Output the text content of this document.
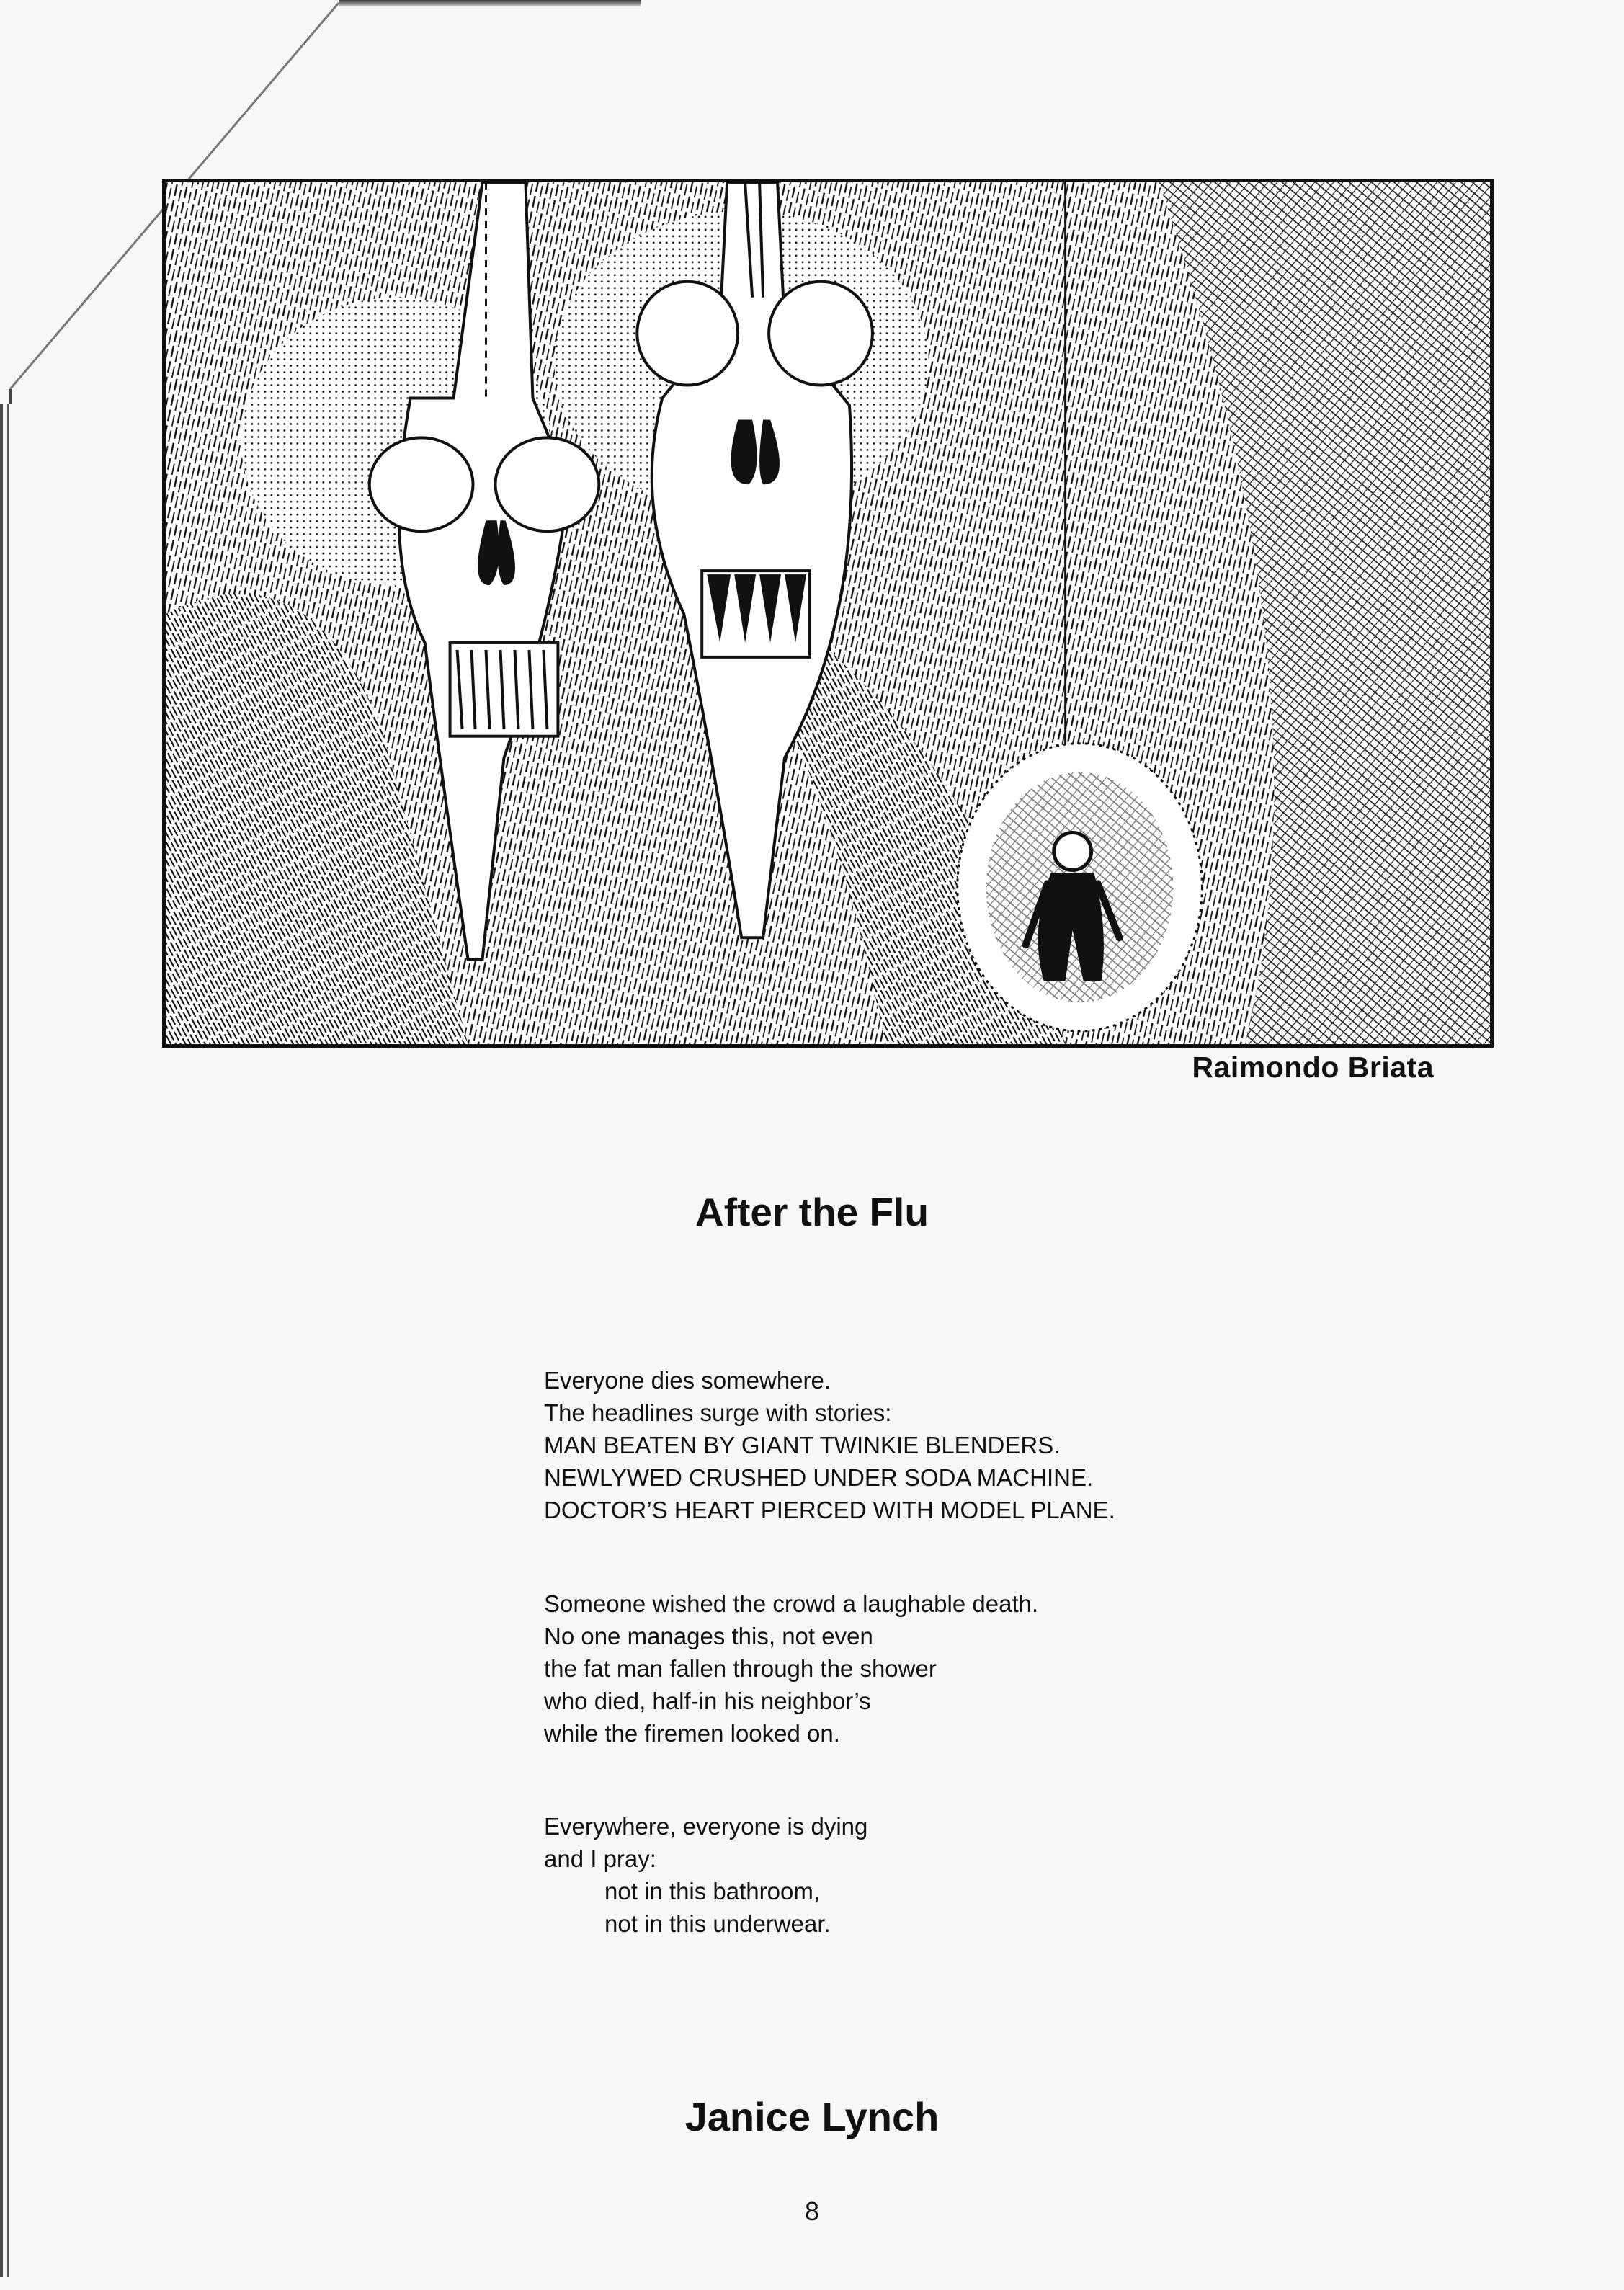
Raimondo Briata
After the Flu
Everyone dies somewhere.
The headlines surge with stories:
MAN BEATEN BY GIANT TWINKIE BLENDERS.
NEWLYWED CRUSHED UNDER SODA MACHINE.
DOCTOR’S HEART PIERCED WITH MODEL PLANE.
Someone wished the crowd a laughable death.
No one manages this, not even
the fat man fallen through the shower
who died, half-in his neighbor’s
while the firemen looked on.
Everywhere, everyone is dying
and I pray:
not in this bathroom,
not in this underwear.
Janice Lynch
8
